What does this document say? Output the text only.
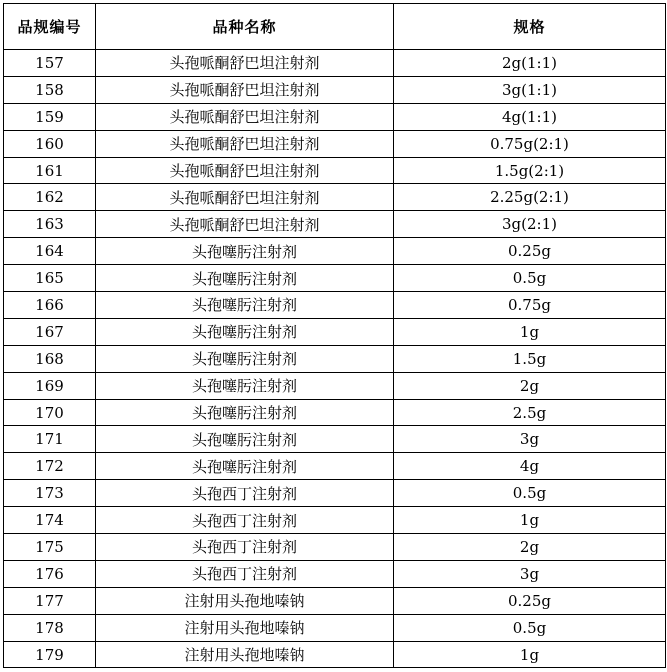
品规编号	品种名称	规格
157	头孢哌酮舒巴坦注射剂	2g(1:1)
158	头孢哌酮舒巴坦注射剂	3g(1:1)
159	头孢哌酮舒巴坦注射剂	4g(1:1)
160	头孢哌酮舒巴坦注射剂	0.75g(2:1)
161	头孢哌酮舒巴坦注射剂	1.5g(2:1)
162	头孢哌酮舒巴坦注射剂	2.25g(2:1)
163	头孢哌酮舒巴坦注射剂	3g(2:1)
164	头孢噻肟注射剂	0.25g
165	头孢噻肟注射剂	0.5g
166	头孢噻肟注射剂	0.75g
167	头孢噻肟注射剂	1g
168	头孢噻肟注射剂	1.5g
169	头孢噻肟注射剂	2g
170	头孢噻肟注射剂	2.5g
171	头孢噻肟注射剂	3g
172	头孢噻肟注射剂	4g
173	头孢西丁注射剂	0.5g
174	头孢西丁注射剂	1g
175	头孢西丁注射剂	2g
176	头孢西丁注射剂	3g
177	注射用头孢地嗪钠	0.25g
178	注射用头孢地嗪钠	0.5g
179	注射用头孢地嗪钠	1g
